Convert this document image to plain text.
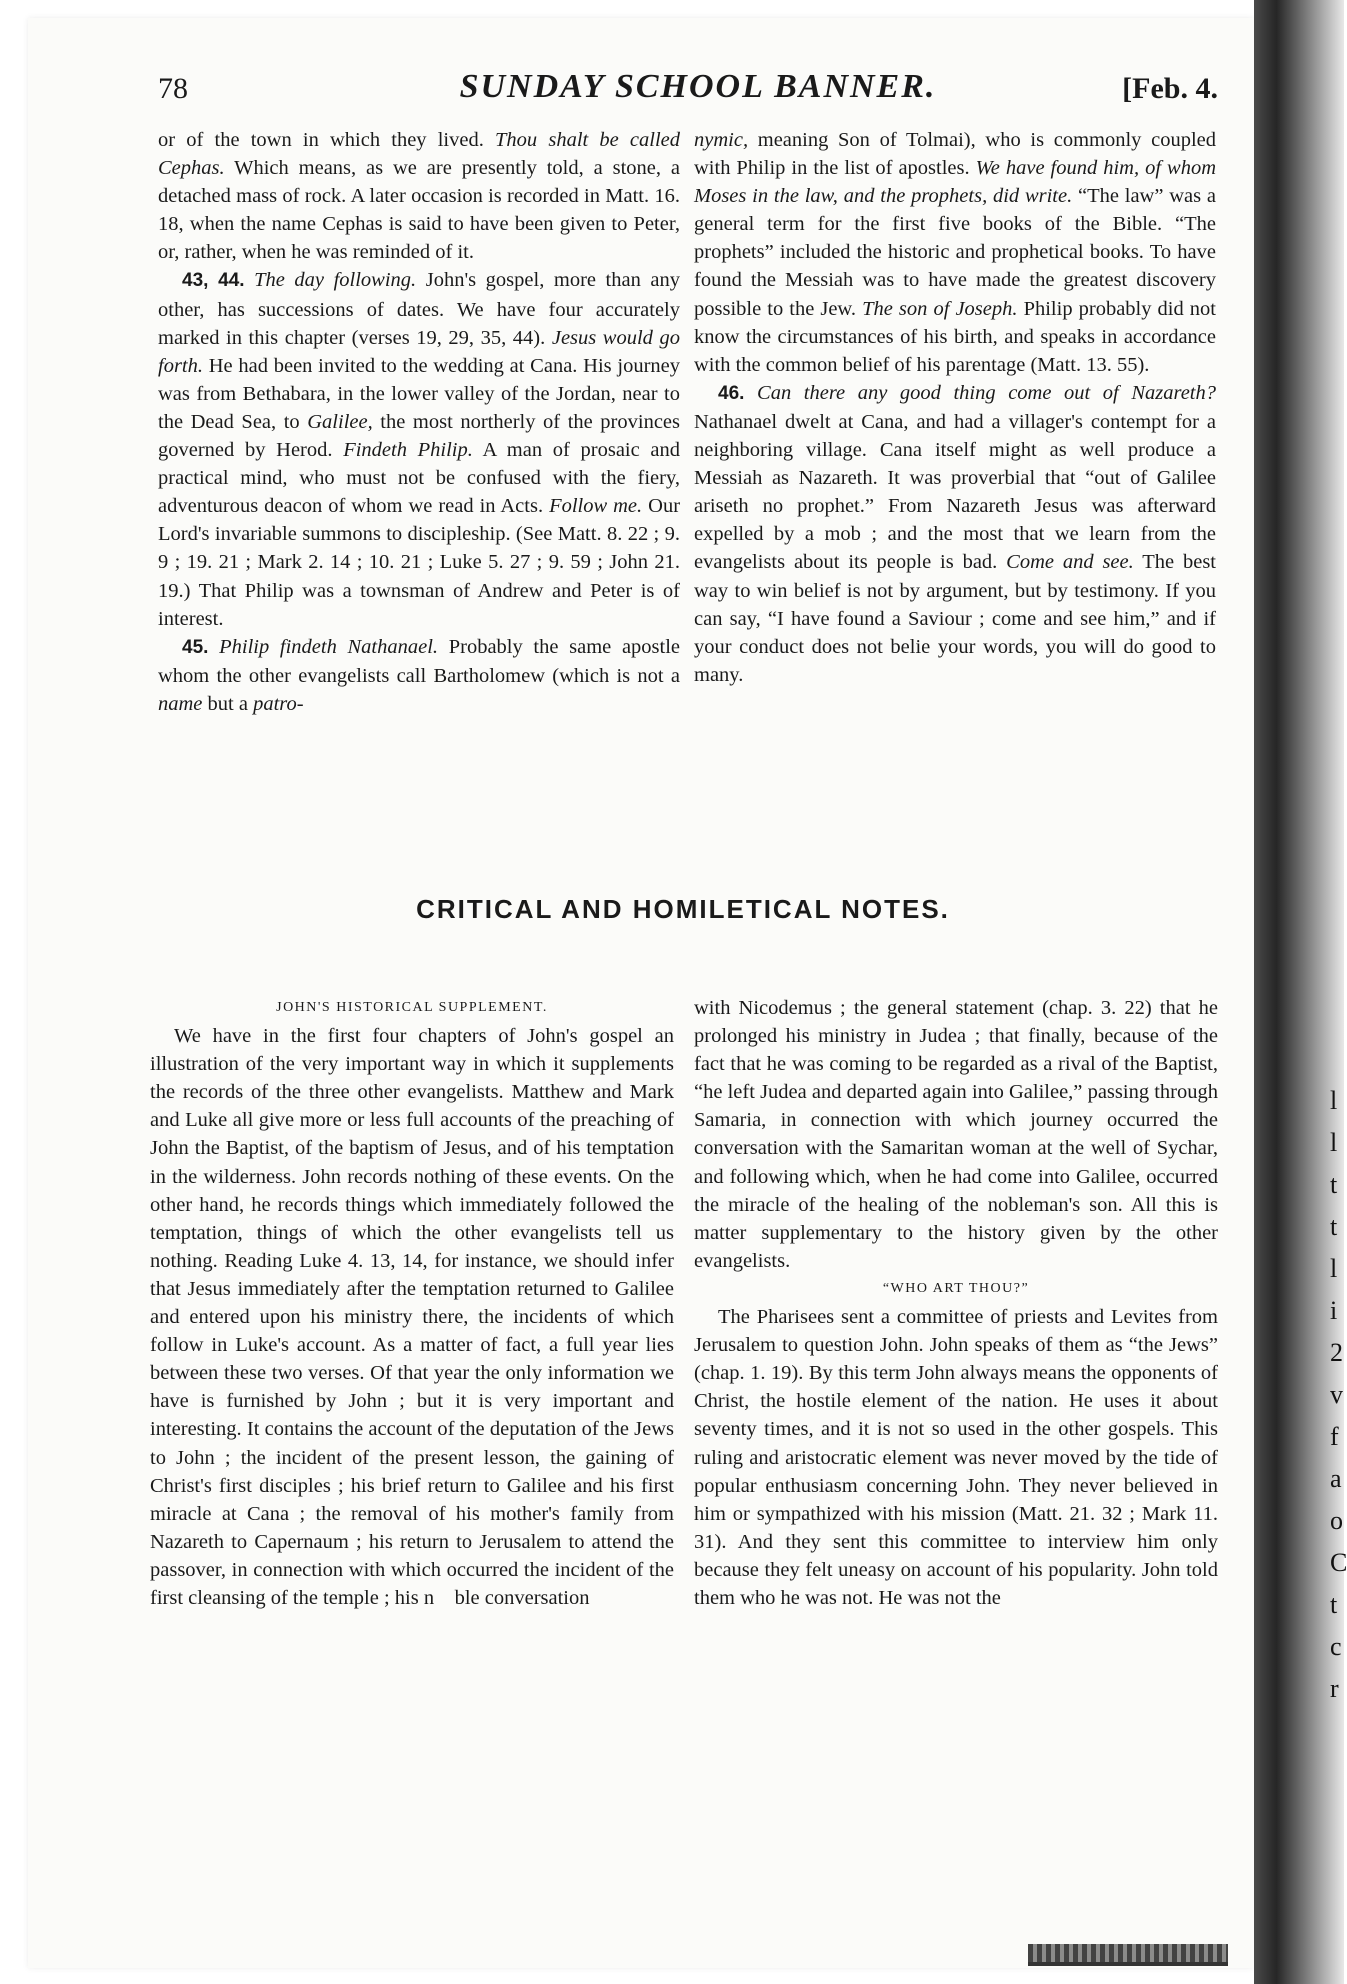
l
l
t
t
l
i
2
v
f
a
o
C
t
c
r
78	SUNDAY SCHOOL BANNER.	[Feb. 4.

or of the town in which they lived. Thou shalt be called Cephas. Which means, as we are presently told, a stone, a detached mass of rock. A later occasion is recorded in Matt. 16. 18, when the name Cephas is said to have been given to Peter, or, rather, when he was reminded of it.

43, 44. The day following. John's gospel, more than any other, has successions of dates. We have four accurately marked in this chapter (verses 19, 29, 35, 44). Jesus would go forth. He had been invited to the wedding at Cana. His journey was from Bethabara, in the lower valley of the Jordan, near to the Dead Sea, to Galilee, the most northerly of the provinces governed by Herod. Findeth Philip. A man of prosaic and practical mind, who must not be confused with the fiery, adventurous deacon of whom we read in Acts. Follow me. Our Lord's invariable summons to discipleship. (See Matt. 8. 22 ; 9. 9 ; 19. 21 ; Mark 2. 14 ; 10. 21 ; Luke 5. 27 ; 9. 59 ; John 21. 19.) That Philip was a townsman of Andrew and Peter is of interest.

45. Philip findeth Nathanael. Probably the same apostle whom the other evangelists call Bartholomew (which is not a name but a patro-

nymic, meaning Son of Tolmai), who is commonly coupled with Philip in the list of apostles. We have found him, of whom Moses in the law, and the prophets, did write. “The law” was a general term for the first five books of the Bible. “The prophets” included the historic and prophetical books. To have found the Messiah was to have made the greatest discovery possible to the Jew. The son of Joseph. Philip probably did not know the circumstances of his birth, and speaks in accordance with the common belief of his parentage (Matt. 13. 55).

46. Can there any good thing come out of Nazareth? Nathanael dwelt at Cana, and had a villager's contempt for a neighboring village. Cana itself might as well produce a Messiah as Nazareth. It was proverbial that “out of Galilee ariseth no prophet.” From Nazareth Jesus was afterward expelled by a mob ; and the most that we learn from the evangelists about its people is bad. Come and see. The best way to win belief is not by argument, but by testimony. If you can say, “I have found a Saviour ; come and see him,” and if your conduct does not belie your words, you will do good to many.

CRITICAL AND HOMILETICAL NOTES.

JOHN'S HISTORICAL SUPPLEMENT.

We have in the first four chapters of John's gospel an illustration of the very important way in which it supplements the records of the three other evangelists. Matthew and Mark and Luke all give more or less full accounts of the preaching of John the Baptist, of the baptism of Jesus, and of his temptation in the wilderness. John records nothing of these events. On the other hand, he records things which immediately followed the temptation, things of which the other evangelists tell us nothing. Reading Luke 4. 13, 14, for instance, we should infer that Jesus immediately after the temptation returned to Galilee and entered upon his ministry there, the incidents of which follow in Luke's account. As a matter of fact, a full year lies between these two verses. Of that year the only information we have is furnished by John ; but it is very important and interesting. It contains the account of the deputation of the Jews to John ; the incident of the present lesson, the gaining of Christ's first disciples ; his brief return to Galilee and his first miracle at Cana ; the removal of his mother's family from Nazareth to Capernaum ; his return to Jerusalem to attend the passover, in connection with which occurred the incident of the first cleansing of the temple ; his n ble conversation

with Nicodemus ; the general statement (chap. 3. 22) that he prolonged his ministry in Judea ; that finally, because of the fact that he was coming to be regarded as a rival of the Baptist, “he left Judea and departed again into Galilee,” passing through Samaria, in connection with which journey occurred the conversation with the Samaritan woman at the well of Sychar, and following which, when he had come into Galilee, occurred the miracle of the healing of the nobleman's son. All this is matter supplementary to the history given by the other evangelists.

“WHO ART THOU?”

The Pharisees sent a committee of priests and Levites from Jerusalem to question John. John speaks of them as “the Jews” (chap. 1. 19). By this term John always means the opponents of Christ, the hostile element of the nation. He uses it about seventy times, and it is not so used in the other gospels. This ruling and aristocratic element was never moved by the tide of popular enthusiasm concerning John. They never believed in him or sympathized with his mission (Matt. 21. 32 ; Mark 11. 31). And they sent this committee to interview him only because they felt uneasy on account of his popularity. John told them who he was not. He was not the
